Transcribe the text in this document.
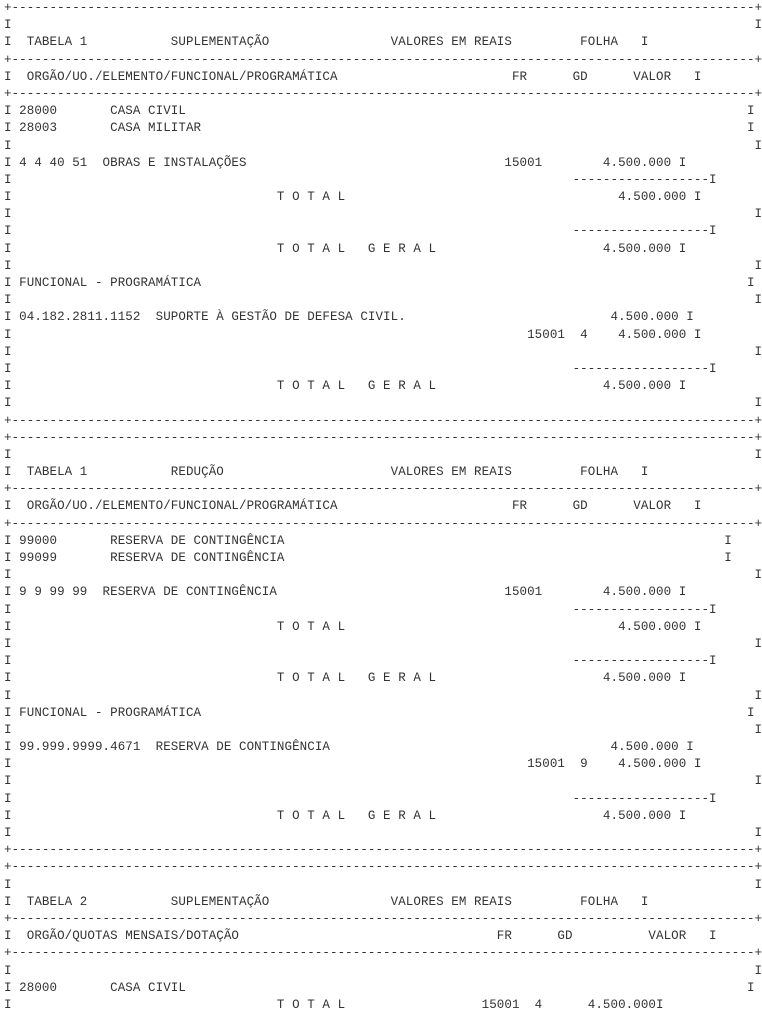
+--------------------------------------------------------------------------------------------------+
I                                                                                                  I
I  TABELA 1           SUPLEMENTAÇÃO                VALORES EM REAIS         FOLHA   I
+--------------------------------------------------------------------------------------------------+
I  ORGÃO/UO./ELEMENTO/FUNCIONAL/PROGRAMÁTICA                       FR      GD      VALOR   I
+--------------------------------------------------------------------------------------------------+
I 28000       CASA CIVIL                                                                          I
I 28003       CASA MILITAR                                                                        I
I                                                                                                  I
I 4 4 40 51  OBRAS E INSTALAÇÕES                                  15001        4.500.000 I
I                                                                          ------------------I
I                                   T O T A L                                    4.500.000 I
I                                                                                                  I
I                                                                          ------------------I
I                                   T O T A L   G E R A L                      4.500.000 I
I                                                                                                  I
I FUNCIONAL - PROGRAMÁTICA                                                                        I
I                                                                                                  I
I 04.182.2811.1152  SUPORTE À GESTÃO DE DEFESA CIVIL.                           4.500.000 I
I                                                                    15001  4    4.500.000 I
I                                                                                                  I
I                                                                          ------------------I
I                                   T O T A L   G E R A L                      4.500.000 I
I                                                                                                  I
+--------------------------------------------------------------------------------------------------+
+--------------------------------------------------------------------------------------------------+
I                                                                                                  I
I  TABELA 1           REDUÇÃO                      VALORES EM REAIS         FOLHA   I
+--------------------------------------------------------------------------------------------------+
I  ORGÃO/UO./ELEMENTO/FUNCIONAL/PROGRAMÁTICA                       FR      GD      VALOR   I
+--------------------------------------------------------------------------------------------------+
I 99000       RESERVA DE CONTINGÊNCIA                                                          I
I 99099       RESERVA DE CONTINGÊNCIA                                                          I
I                                                                                                  I
I 9 9 99 99  RESERVA DE CONTINGÊNCIA                              15001        4.500.000 I
I                                                                          ------------------I
I                                   T O T A L                                    4.500.000 I
I                                                                                                  I
I                                                                          ------------------I
I                                   T O T A L   G E R A L                      4.500.000 I
I                                                                                                  I
I FUNCIONAL - PROGRAMÁTICA                                                                        I
I                                                                                                  I
I 99.999.9999.4671  RESERVA DE CONTINGÊNCIA                                     4.500.000 I
I                                                                    15001  9    4.500.000 I
I                                                                                                  I
I                                                                          ------------------I
I                                   T O T A L   G E R A L                      4.500.000 I
I                                                                                                  I
+--------------------------------------------------------------------------------------------------+
+--------------------------------------------------------------------------------------------------+
I                                                                                                  I
I  TABELA 2           SUPLEMENTAÇÃO                VALORES EM REAIS         FOLHA   I
+--------------------------------------------------------------------------------------------------+
I  ORGÃO/QUOTAS MENSAIS/DOTAÇÃO                                  FR      GD          VALOR   I
+--------------------------------------------------------------------------------------------------+
I                                                                                                  I
I 28000       CASA CIVIL                                                                          I
I                                   T O T A L                  15001  4      4.500.000I
